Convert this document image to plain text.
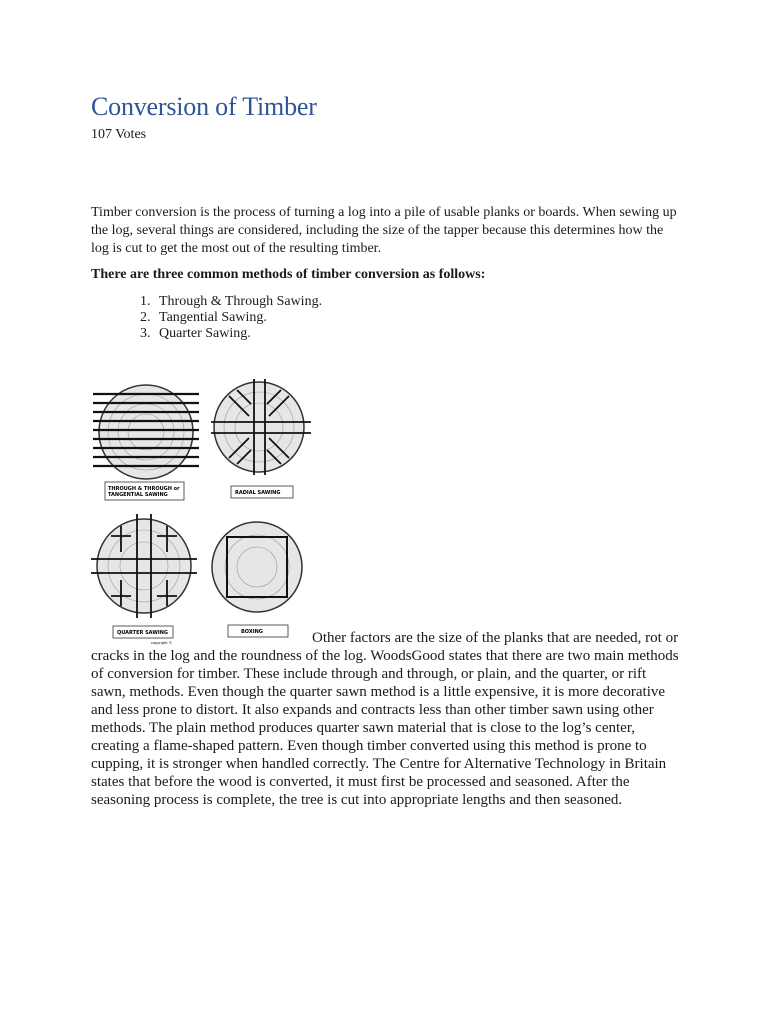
Conversion of Timber
107 Votes

Timber conversion is the process of turning a log into a pile of usable planks or boards. When sewing up the log, several things are considered, including the size of the tapper because this determines how the log is cut to get the most out of the resulting timber.

There are three common methods of timber conversion as follows:

1. Through & Through Sawing.
2. Tangential Sawing.
3. Quarter Sawing.
THROUGH & THROUGH or
TANGENTIAL SAWING	RADIAL SAWING
QUARTER SAWING	BOXING
copyright ©	Other factors are the size of the planks that are needed, rot or cracks in the log and the roundness of the log. WoodsGood states that there are two main methods of conversion for timber. These include through and through, or plain, and the quarter, or rift sawn, methods. Even though the quarter sawn method is a little expensive, it is more decorative and less prone to distort. It also expands and contracts less than other timber sawn using other methods. The plain method produces quarter sawn material that is close to the log’s center, creating a flame-shaped pattern. Even though timber converted using this method is prone to cupping, it is stronger when handled correctly. The Centre for Alternative Technology in Britain states that before the wood is converted, it must first be processed and seasoned. After the seasoning process is complete, the tree is cut into appropriate lengths and then seasoned.
